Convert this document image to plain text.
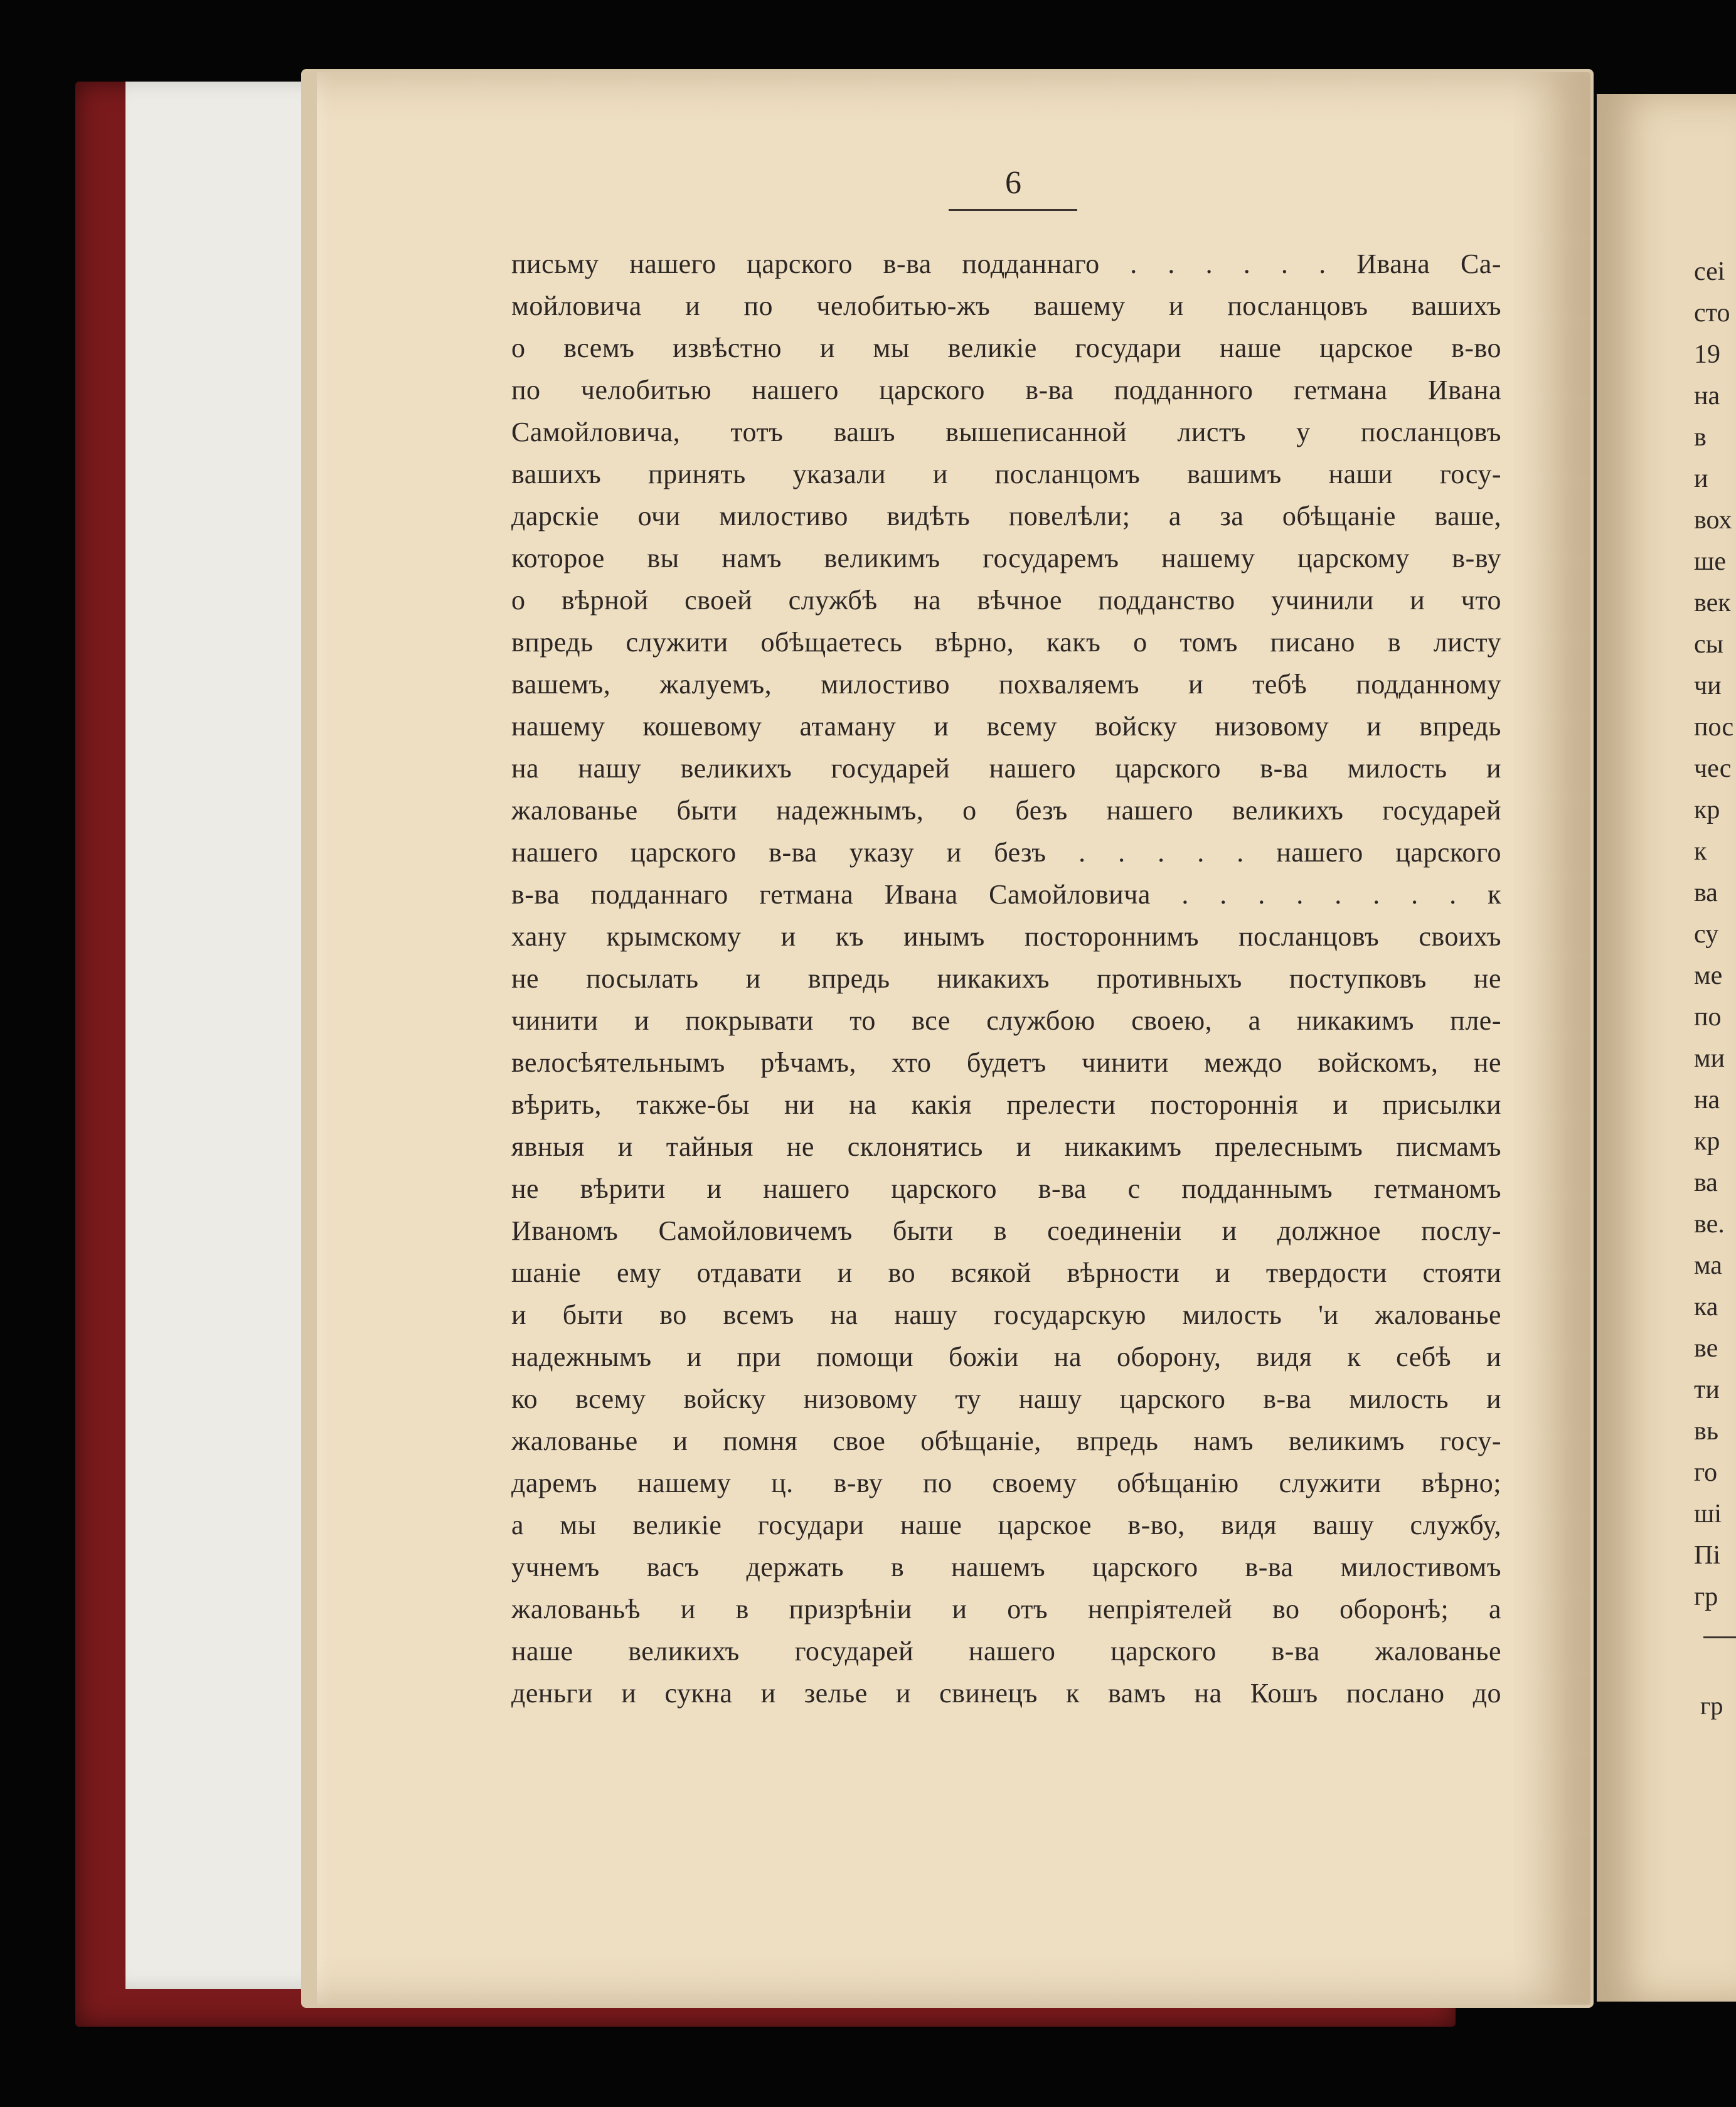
6
письму нашего царского в-ва подданнаго . . . . . . Ивана Са-
мойловича и по челобитью-жъ вашему и посланцовъ вашихъ
о всемъ извѣстно и мы великіе государи наше царское в-во
по челобитью нашего царского в-ва подданного гетмана Ивана
Самойловича, тотъ вашъ вышеписанной листъ у посланцовъ
вашихъ принять указали и посланцомъ вашимъ наши госу-
дарскіе очи милостиво видѣть повелѣли; а за обѣщаніе ваше,
которое вы намъ великимъ государемъ нашему царскому в-ву
о вѣрной своей службѣ на вѣчное подданство учинили и что
впредь служити обѣщаетесь вѣрно, какъ о томъ писано в листу
вашемъ, жалуемъ, милостиво похваляемъ и тебѣ подданному
нашему кошевому атаману и всему войску низовому и впредь
на нашу великихъ государей нашего царского в-ва милость и
жалованье быти надежнымъ, о безъ нашего великихъ государей
нашего царского в-ва указу и безъ . . . . . нашего царского
в-ва подданнаго гетмана Ивана Самойловича . . . . . . . . к
хану крымскому и къ инымъ постороннимъ посланцовъ своихъ
не посылать и впредь никакихъ противныхъ поступковъ не
чинити и покрывати то все службою своею, а никакимъ пле-
велосѣятельнымъ рѣчамъ, хто будетъ чинити междо войскомъ, не
вѣрить, также-бы ни на какія прелести постороннія и присылки
явныя и тайныя не склонятись и никакимъ прелеснымъ писмамъ
не вѣрити и нашего царского в-ва с подданнымъ гетманомъ
Иваномъ Самойловичемъ быти в соединеніи и должное послу-
шаніе ему отдавати и во всякой вѣрности и твердости стояти
и быти во всемъ на нашу государскую милость 'и жалованье
надежнымъ и при помощи божіи на оборону, видя к себѣ и
ко всему войску низовому ту нашу царского в-ва милость и
жалованье и помня свое обѣщаніе, впредь намъ великимъ госу-
даремъ нашему ц. в-ву по своему обѣщанію служити вѣрно;
а мы великіе государи наше царское в-во, видя вашу службу,
учнемъ васъ держать в нашемъ царского в-ва милостивомъ
жалованьѣ и в призрѣніи и отъ непріятелей во оборонѣ; а
наше великихъ государей нашего царского в-ва жалованье
деньги и сукна и зелье и свинецъ к вамъ на Кошъ послано до
сеі
сто
19
на
в
и
вох
ше
век
сы
чи
пос
чес
кр
к
ва
су
ме
по
ми
на
кр
ва
ве.
ма
ка
ве
ти
вь
го
ші
Пі
гр
гр
